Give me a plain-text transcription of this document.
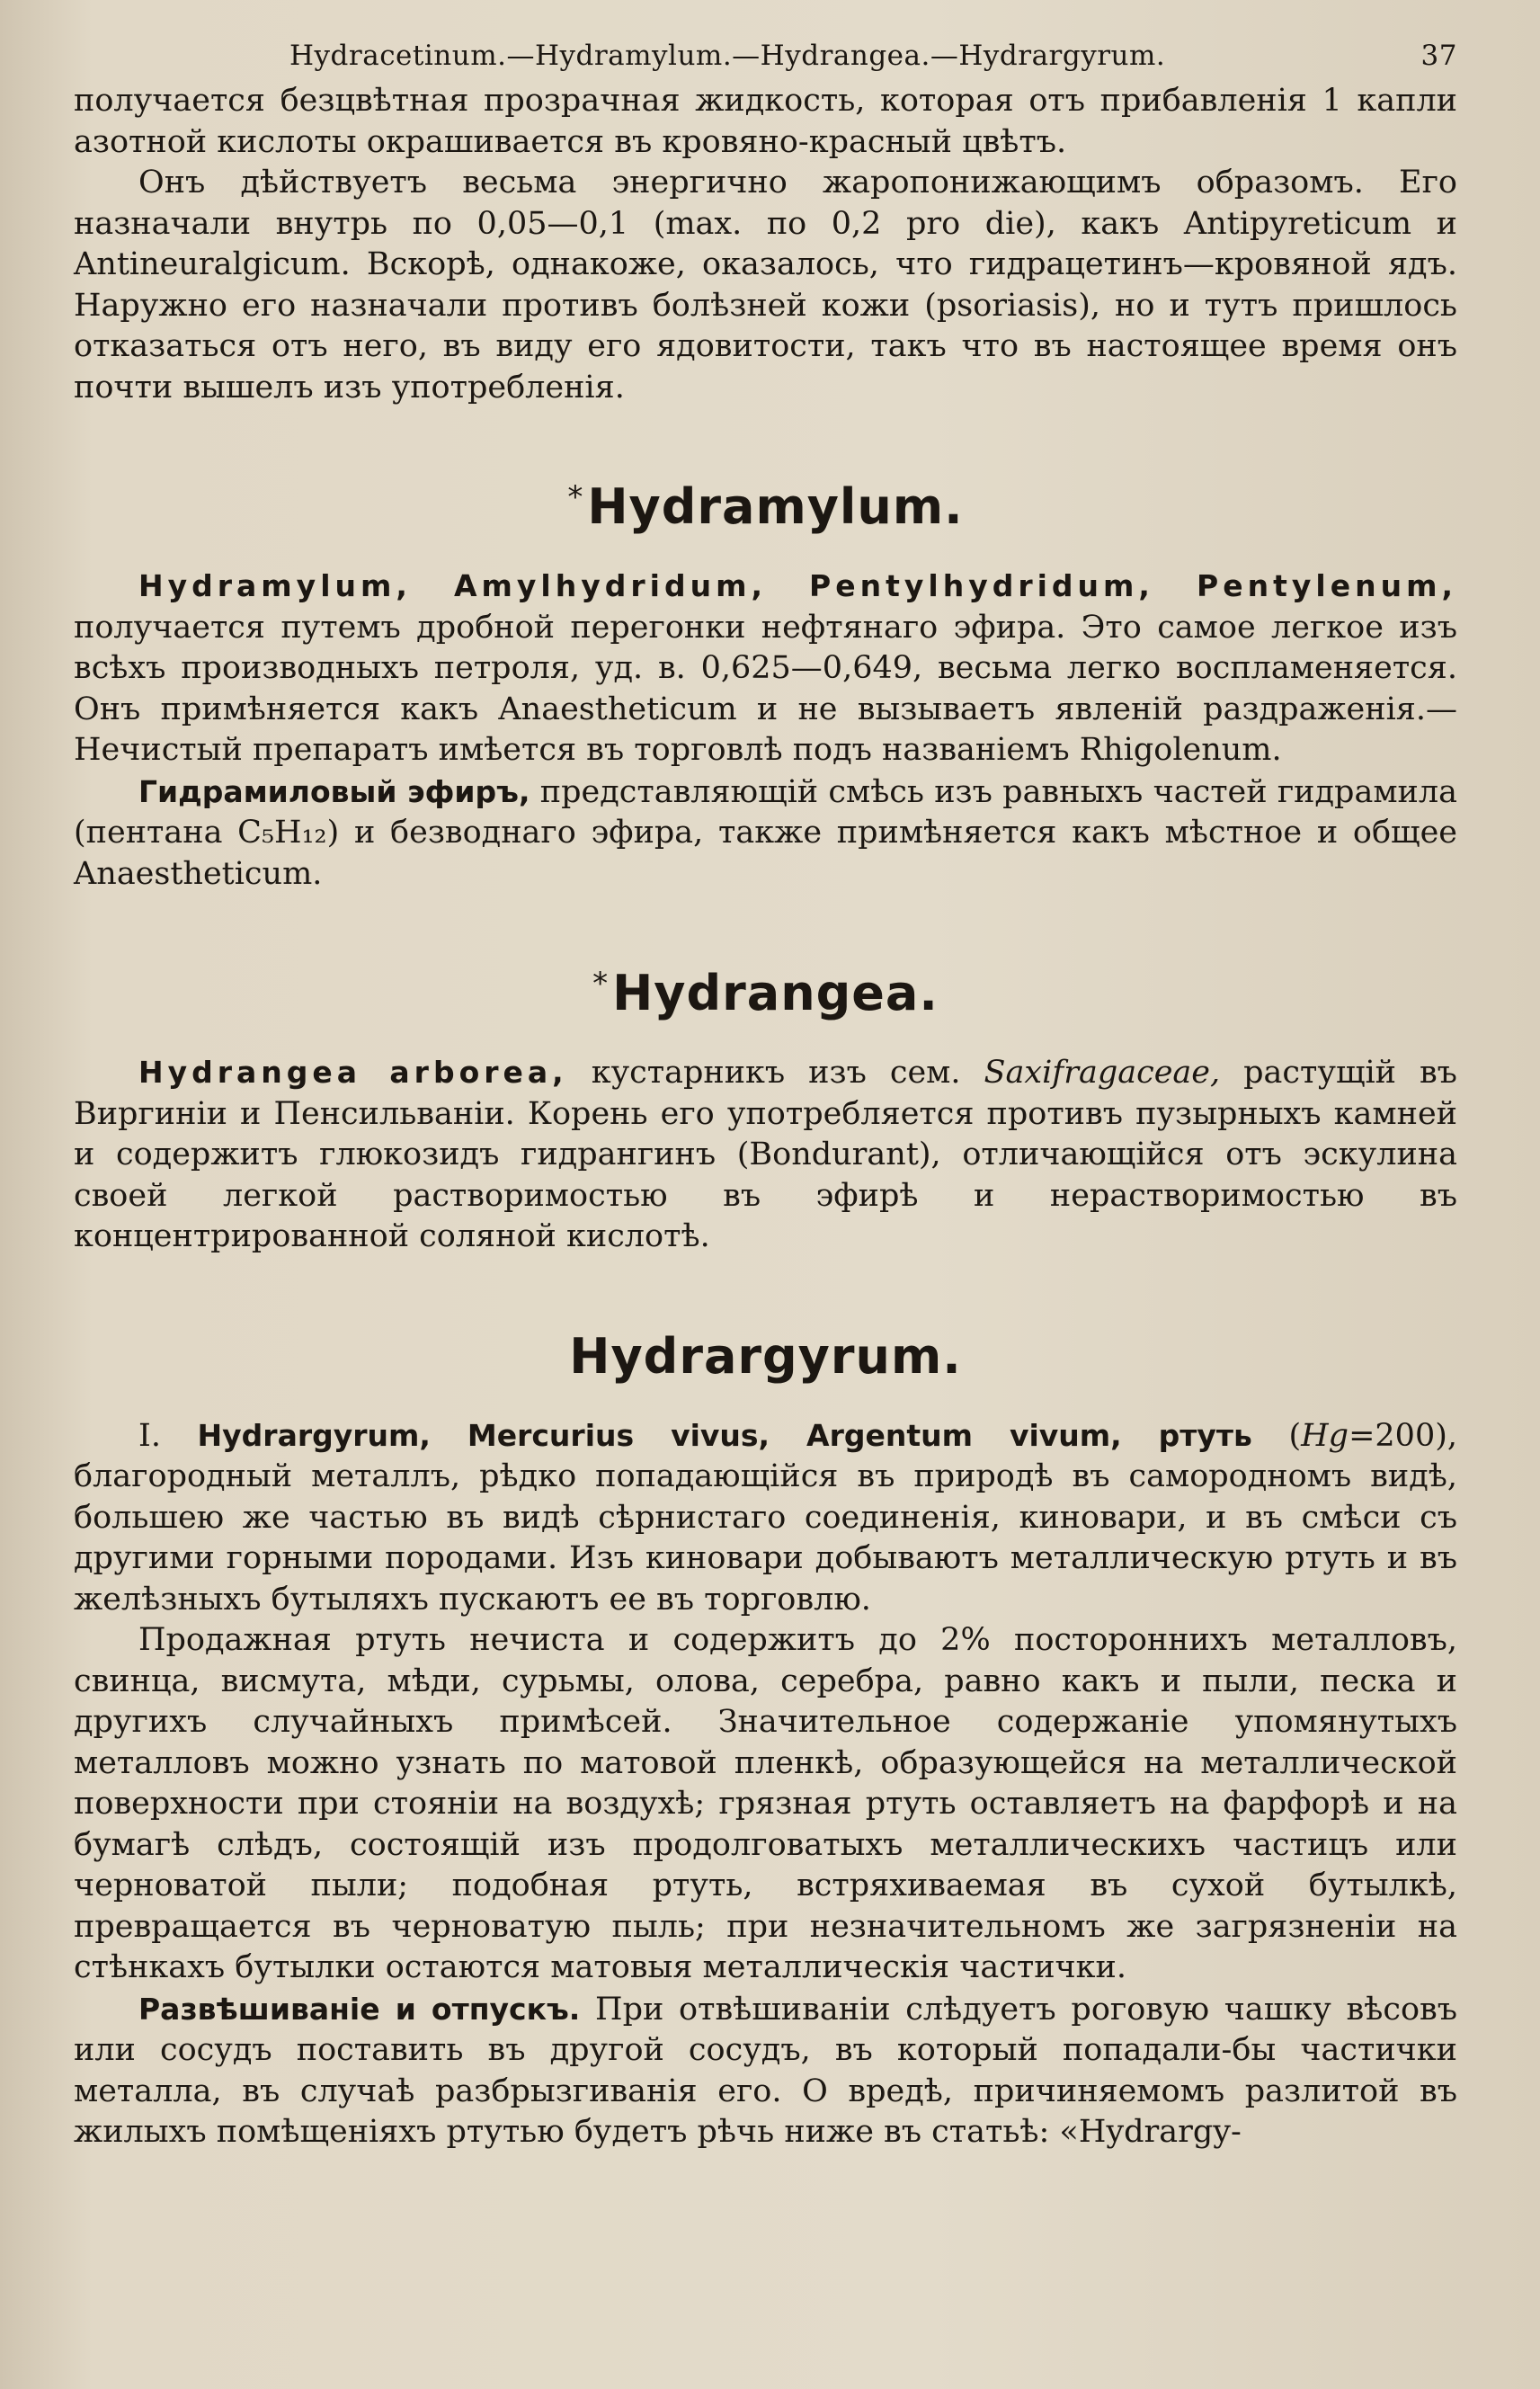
Hydracetinum.—Hydramylum.—Hydrangea.—Hydrargyrum.	37

получается безцвѣтная прозрачная жидкость, которая отъ прибавленія 1 капли азотной кислоты окрашивается въ кровяно-красный цвѣтъ.

Онъ дѣйствуетъ весьма энергично жаропонижающимъ образомъ. Его назначали внутрь по 0,05—0,1 (max. по 0,2 pro die), какъ Antipyreticum и Antineuralgicum. Вскорѣ, однакоже, оказалось, что гидрацетинъ—кровяной ядъ. Наружно его назначали противъ болѣзней кожи (psoriasis), но и тутъ пришлось отказаться отъ него, въ виду его ядовитости, такъ что въ настоящее время онъ почти вышелъ изъ употребленія.

*Hydramylum.

Hydramylum, Amylhydridum, Pentylhydridum, Pentylenum, получается путемъ дробной перегонки нефтянаго эфира. Это самое легкое изъ всѣхъ производныхъ петроля, уд. в. 0,625—0,649, весьма легко воспламеняется. Онъ примѣняется какъ Anaestheticum и не вызываетъ явленій раздраженія.—Нечистый препаратъ имѣется въ торговлѣ подъ названіемъ Rhigolenum.

Гидрамиловый эфиръ, представляющій смѣсь изъ равныхъ частей гидрамила (пентана C₅H₁₂) и безводнаго эфира, также примѣняется какъ мѣстное и общее Anaestheticum.

*Hydrangea.

Hydrangea arborea, кустарникъ изъ сем. Saxifragaceae, растущій въ Виргиніи и Пенсильваніи. Корень его употребляется противъ пузырныхъ камней и содержитъ глюкозидъ гидрангинъ (Bondurant), отличающійся отъ эскулина своей легкой растворимостью въ эфирѣ и нерастворимостью въ концентрированной соляной кислотѣ.

Hydrargyrum.

I. Hydrargyrum, Mercurius vivus, Argentum vivum, ртуть (Hg=200), благородный металлъ, рѣдко попадающійся въ природѣ въ самородномъ видѣ, большею же частью въ видѣ сѣрнистаго соединенія, киновари, и въ смѣси съ другими горными породами. Изъ киновари добываютъ металлическую ртуть и въ желѣзныхъ бутыляхъ пускаютъ ее въ торговлю.

Продажная ртуть нечиста и содержитъ до 2% постороннихъ металловъ, свинца, висмута, мѣди, сурьмы, олова, серебра, равно какъ и пыли, песка и другихъ случайныхъ примѣсей. Значительное содержаніе упомянутыхъ металловъ можно узнать по матовой пленкѣ, образующейся на металлической поверхности при стояніи на воздухѣ; грязная ртуть оставляетъ на фарфорѣ и на бумагѣ слѣдъ, состоящій изъ продолговатыхъ металлическихъ частицъ или черноватой пыли; подобная ртуть, встряхиваемая въ сухой бутылкѣ, превращается въ черноватую пыль; при незначительномъ же загрязненіи на стѣнкахъ бутылки остаются матовыя металлическія частички.

Развѣшиваніе и отпускъ. При отвѣшиваніи слѣдуетъ роговую чашку вѣсовъ или сосудъ поставить въ другой сосудъ, въ который попадали-бы частички металла, въ случаѣ разбрызгиванія его. О вредѣ, причиняемомъ разлитой въ жилыхъ помѣщеніяхъ ртутью будетъ рѣчь ниже въ статьѣ: «Hydrargy-
